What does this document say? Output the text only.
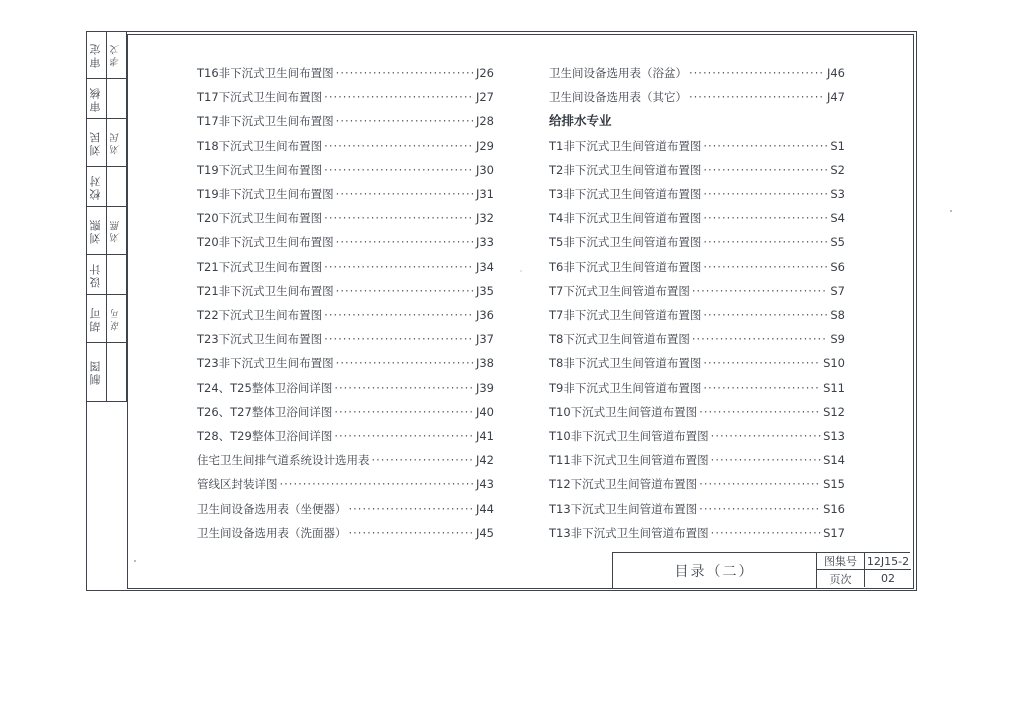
审定 孝文
审核
刘民 刘民
校对
刘熙 刘熙
设计
胡可 胡可
制图
T16非下沉式卫生间布置图 ·····	J26
T17下沉式卫生间布置图 ·····	J27
T17非下沉式卫生间布置图 ·····	J28
T18下沉式卫生间布置图 ·····	J29
T19下沉式卫生间布置图 ·····	J30
T19非下沉式卫生间布置图 ·····	J31
T20下沉式卫生间布置图 ·····	J32
T20非下沉式卫生间布置图 ·····	J33
T21下沉式卫生间布置图 ·····	J34
T21非下沉式卫生间布置图 ·····	J35
T22下沉式卫生间布置图 ·····	J36
T23下沉式卫生间布置图 ·····	J37
T23非下沉式卫生间布置图 ·····	J38
T24、T25整体卫浴间详图 ·····	J39
T26、T27整体卫浴间详图 ·····	J40
T28、T29整体卫浴间详图 ·····	J41
住宅卫生间排气道系统设计选用表 ·····	J42
管线区封装详图 ·····	J43
卫生间设备选用表（坐便器） ·····	J44
卫生间设备选用表（洗面器） ·····	J45
卫生间设备选用表（浴盆） ·····	J46
卫生间设备选用表（其它） ·····	J47
给排水专业
T1非下沉式卫生间管道布置图 ·····	S1
T2非下沉式卫生间管道布置图 ·····	S2
T3非下沉式卫生间管道布置图 ·····	S3
T4非下沉式卫生间管道布置图 ·····	S4
T5非下沉式卫生间管道布置图 ·····	S5
T6非下沉式卫生间管道布置图 ·····	S6
T7下沉式卫生间管道布置图 ·····	S7
T7非下沉式卫生间管道布置图 ·····	S8
T8下沉式卫生间管道布置图 ·····	S9
T8非下沉式卫生间管道布置图 ·····	S10
T9非下沉式卫生间管道布置图 ·····	S11
T10下沉式卫生间管道布置图 ·····	S12
T10非下沉式卫生间管道布置图 ·····	S13
T11非下沉式卫生间管道布置图 ·····	S14
T12下沉式卫生间管道布置图 ·····	S15
T13下沉式卫生间管道布置图 ·····	S16
T13非下沉式卫生间管道布置图 ·····	S17
目录（二）
图集号 12J15-2
页次	02
